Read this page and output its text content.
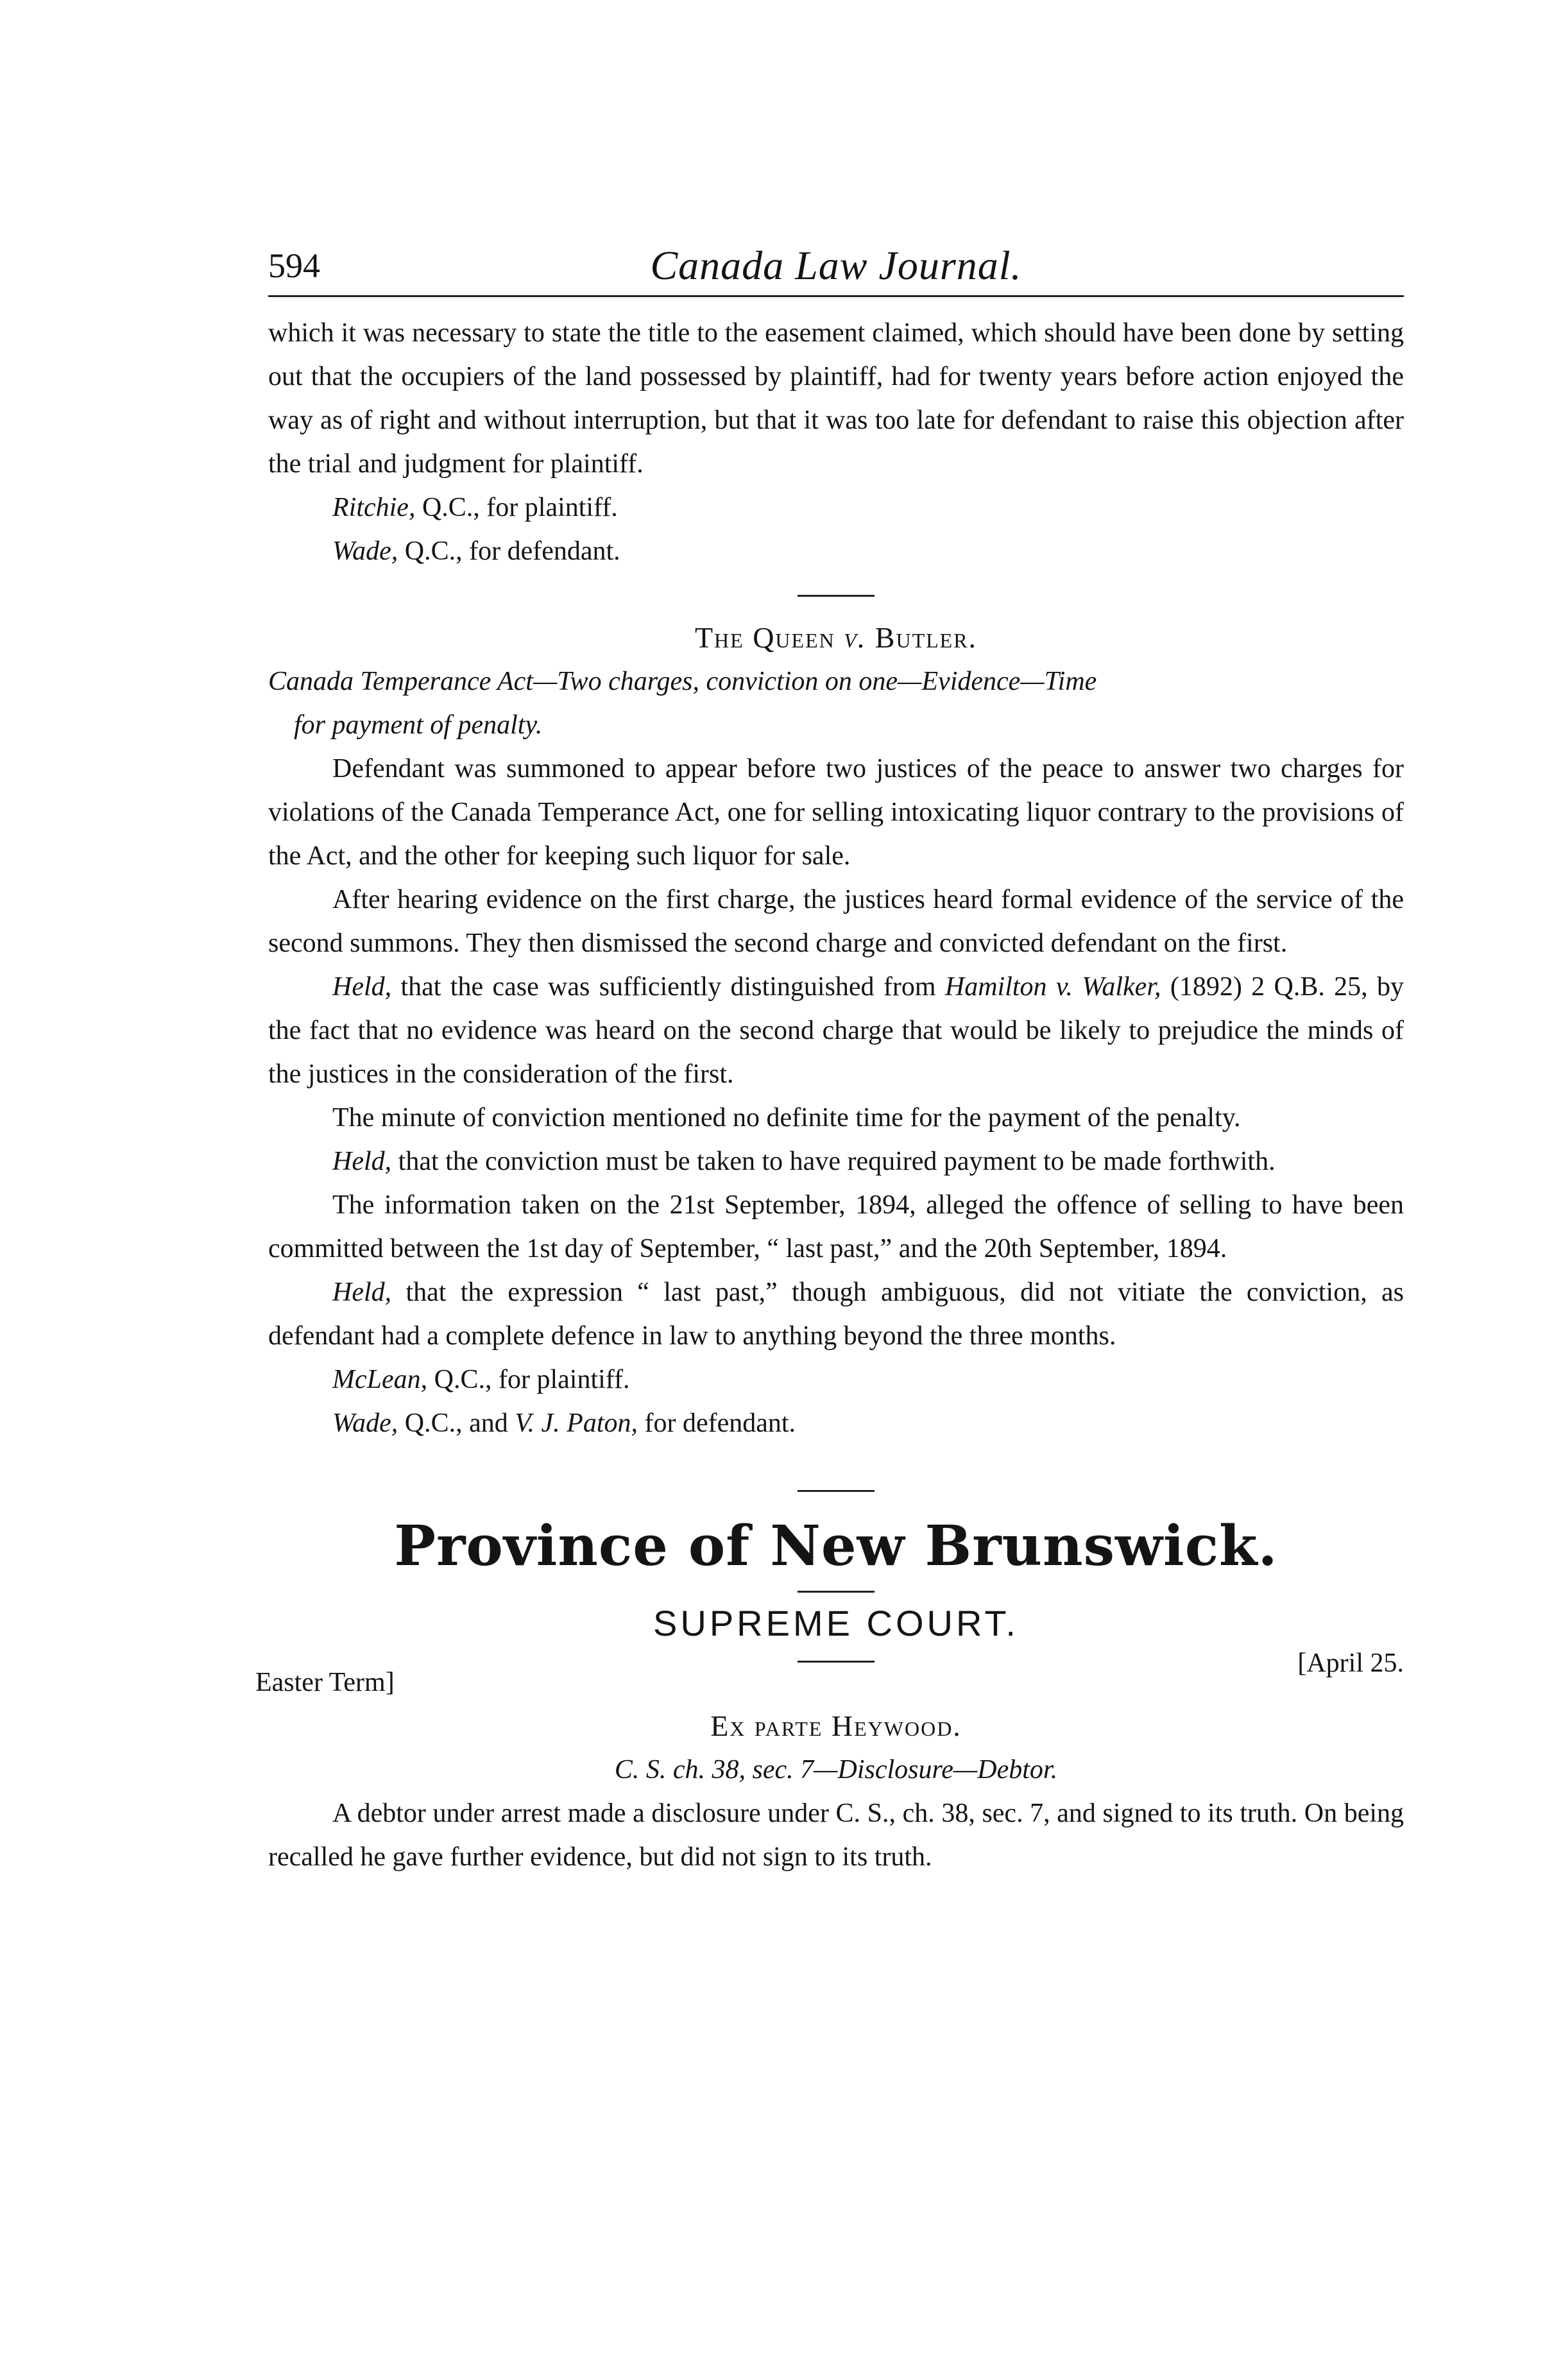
594	Canada Law Journal.

which it was necessary to state the title to the easement claimed, which should have been done by setting out that the occupiers of the land possessed by plaintiff, had for twenty years before action enjoyed the way as of right and without interruption, but that it was too late for defendant to raise this objection after the trial and judgment for plaintiff.

Ritchie, Q.C., for plaintiff.

Wade, Q.C., for defendant.

The Queen v. Butler.

Canada Temperance Act—Two charges, conviction on one—Evidence—Time
for payment of penalty.

Defendant was summoned to appear before two justices of the peace to answer two charges for violations of the Canada Temperance Act, one for selling intoxicating liquor contrary to the provisions of the Act, and the other for keeping such liquor for sale.

After hearing evidence on the first charge, the justices heard formal evidence of the service of the second summons. They then dismissed the second charge and convicted defendant on the first.

Held, that the case was sufficiently distinguished from Hamilton v. Walker, (1892) 2 Q.B. 25, by the fact that no evidence was heard on the second charge that would be likely to prejudice the minds of the justices in the consideration of the first.

The minute of conviction mentioned no definite time for the payment of the penalty.

Held, that the conviction must be taken to have required payment to be made forthwith.

The information taken on the 21st September, 1894, alleged the offence of selling to have been committed between the 1st day of September, “ last past,” and the 20th September, 1894.

Held, that the expression “ last past,” though ambiguous, did not vitiate the conviction, as defendant had a complete defence in law to anything beyond the three months.

McLean, Q.C., for plaintiff.

Wade, Q.C., and V. J. Paton, for defendant.

Province of New Brunswick.

SUPREME COURT.

Easter Term]
[April 25.

Ex parte Heywood.

C. S. ch. 38, sec. 7—Disclosure—Debtor.

A debtor under arrest made a disclosure under C. S., ch. 38, sec. 7, and signed to its truth. On being recalled he gave further evidence, but did not sign to its truth.
